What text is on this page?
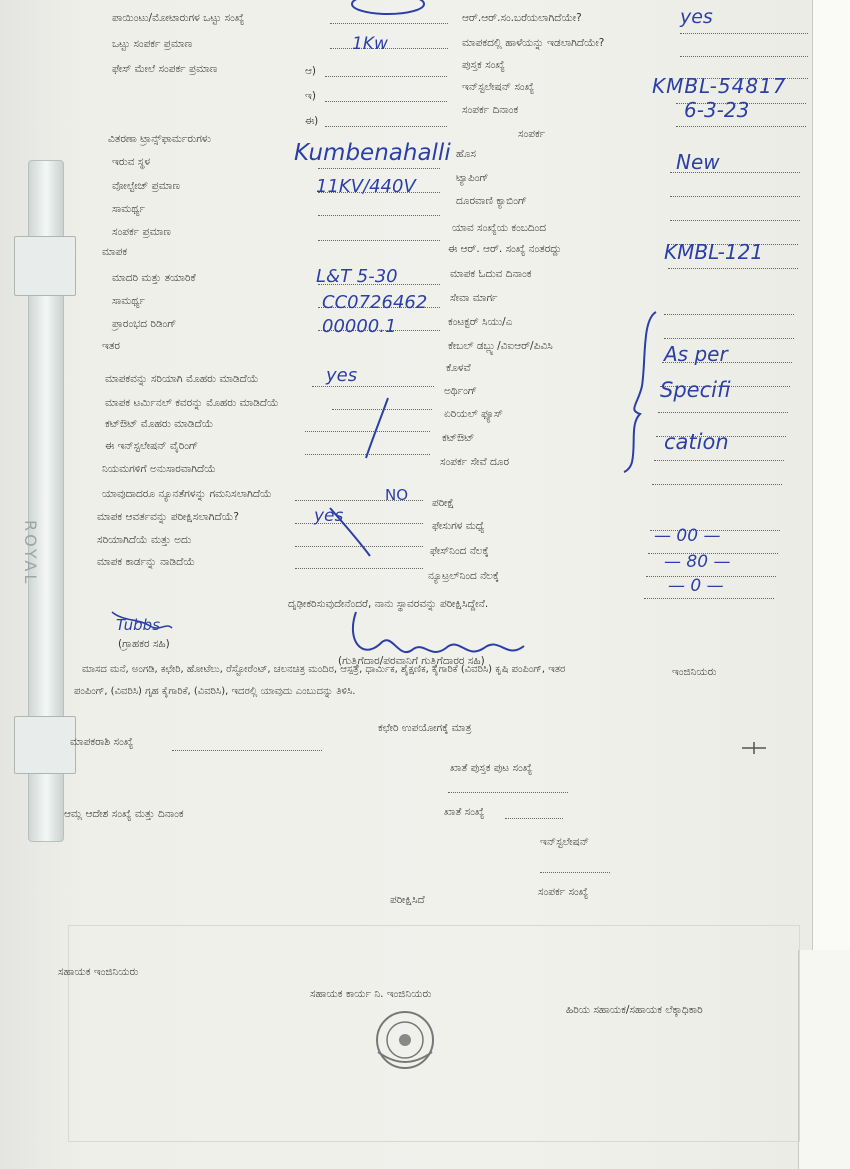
ROYAL
ಪಾಯಿಂಟು/ಮೋಟಾರುಗಳ ಒಟ್ಟು ಸಂಖ್ಯೆ
ಒಟ್ಟು ಸಂಪರ್ಕ ಪ್ರಮಾಣ
ಫೇಸ್ ಮೇಲೆ ಸಂಪರ್ಕ ಪ್ರಮಾಣ
ವಿತರಣಾ ಟ್ರಾನ್ಸ್‌ಫಾರ್ಮರುಗಳು
ಇರುವ ಸ್ಥಳ
ವೋಲ್ಟೇಜ್ ಪ್ರಮಾಣ
ಸಾಮರ್ಥ್ಯ
ಸಂಪರ್ಕ ಪ್ರಮಾಣ
ಮಾಪಕ
ಮಾದರಿ ಮತ್ತು ತಯಾರಿಕೆ
ಸಾಮರ್ಥ್ಯ
ಪ್ರಾರಂಭದ ರಿಡಿಂಗ್
ಇತರ
ಮಾಪಕವನ್ನು ಸರಿಯಾಗಿ ಮೊಹರು ಮಾಡಿದೆಯೆ
ಮಾಪಕ ಟರ್ಮಿನಲ್ ಕವರನ್ನು ಮೊಹರು ಮಾಡಿದೆಯೆ
ಕಟ್‌ಔಟ್ ಮೊಹರು ಮಾಡಿದೆಯೆ
ಈ ಇನ್‌ಸ್ಟಲೇಷನ್ ವೈರಿಂಗ್
ನಿಯಮಗಳಿಗೆ ಅನುಸಾರವಾಗಿದೆಯೆ
ಯಾವುದಾದರೂ ನ್ಯೂನತೆಗಳನ್ನು ಗಮನಿಸಲಾಗಿದೆಯೆ
ಮಾಪಕ ಆವರ್ತವನ್ನು ಪರೀಕ್ಷಿಸಲಾಗಿದೆಯೆ?
ಸರಿಯಾಗಿದೆಯೆ ಮತ್ತು ಅದು
ಮಾಪಕ ಕಾರ್ಡನ್ನು ನಾಡಿದೆಯೆ
ಆರ್.ಆರ್.ಸಂ.ಬರೆಯಲಾಗಿದೆಯೇ?
ಮಾಪಕದಲ್ಲಿ ಹಾಳೆಯನ್ನು ಇಡಲಾಗಿದೆಯೇ?
ಪುಸ್ತಕ ಸಂಖ್ಯೆ
ಇನ್‌ಸ್ಟಲೇಷನ್ ಸಂಖ್ಯೆ
ಸಂಪರ್ಕ ದಿನಾಂಕ
ಸಂಪರ್ಕ
ಹೊಸ
ಟ್ಯಾಪಿಂಗ್
ದೂರವಾಣಿ ಕ್ಯಾಬಿಂಗ್
ಯಾವ ಸಂಖ್ಯೆಯ ಕಂಬದಿಂದ
ಈ ಆರ್. ಆರ್. ಸಂಖ್ಯೆ ನಂತರದ್ದು
ಮಾಪಕ ಓದುವ ದಿನಾಂಕ
ಸೇವಾ ಮಾರ್ಗ
ಕಂಟಕ್ಟರ್ ಸಿಯು/ಎ
ಕೇಬಲ್ ಡಬ್ಲ್ಯು/ವಿಐಆರ್/ಪಿವಿಸಿ
ಕೊಳವೆ
ಅರ್ಥಿಂಗ್
ಏರಿಯಲ್ ಫ್ಯೂಸ್
ಕಟ್‌ಔಟ್
ಸಂಪರ್ಕ ಸೇವೆ ದೂರ
ಪರೀಕ್ಷೆ
ಫೇಸುಗಳ ಮಧ್ಯೆ
ಫೇಸ್‌ನಿಂದ ನೆಲಕ್ಕೆ
ನ್ಯೂಟ್ರಲ್‌ನಿಂದ ನೆಲಕ್ಕೆ
ಆ)
ಇ)
ಈ)
ದೃಢೀಕರಿಸುವುದೇನೆಂದರೆ, ನಾನು ಸ್ಥಾವರವನ್ನು ಪರೀಕ್ಷಿಸಿದ್ದೇನೆ.
(ಗ್ರಾಹಕರ ಸಹಿ)
(ಗುತ್ತಿಗೆದಾರ/ಪರವಾನಿಗೆ ಗುತ್ತಿಗೆದಾರರ ಸಹಿ)
ಇಂಜಿನಿಯರು
ಮಾಸದ ಮನೆ, ಅಂಗಡಿ, ಕಛೇರಿ, ಹೋಟೆಲು, ರೆಸ್ಟೋರೆಂಟ್, ಚಲನಚಿತ್ರ ಮಂದಿರ, ಆಸ್ಪತ್ರೆ, ಧಾರ್ಮಿಕ, ಶೈಕ್ಷಣಿಕ, ಕೈಗಾರಿಕೆ (ವಿವರಿಸಿ) ಕೃಷಿ ಪಂಪಿಂಗ್, ಇತರ
ಪಂಪಿಂಗ್, (ವಿವರಿಸಿ) ಗೃಹ ಕೈಗಾರಿಕೆ, (ವಿವರಿಸಿ), ಇದರಲ್ಲಿ ಯಾವುದು ಎಂಬುದನ್ನು ತಿಳಿಸಿ.
ಕಛೇರಿ ಉಪಯೋಗಕ್ಕೆ ಮಾತ್ರ
ಮಾಪಕರಾಶಿ ಸಂಖ್ಯೆ
ಖಾತೆ ಪುಸ್ತಕ ಪುಟ ಸಂಖ್ಯೆ
ಖಾತೆ ಸಂಖ್ಯೆ
ಆಮ್ಲ ಆದೇಶ ಸಂಖ್ಯೆ ಮತ್ತು ದಿನಾಂಕ
ಇನ್‌ಸ್ಟಲೇಷನ್
ಸಂಪರ್ಕ ಸಂಖ್ಯೆ
ಪರೀಕ್ಷಿಸಿದೆ
ಸಹಾಯಕ ಇಂಜಿನಿಯರು
ಸಹಾಯಕ ಕಾರ್ಯ ನಿ. ಇಂಜಿನಿಯರು
ಹಿರಿಯ ಸಹಾಯಕ/ಸಹಾಯಕ ಲೆಕ್ಕಾಧಿಕಾರಿ
1Kw
yes
KMBL-54817
6-3-23
Kumbenahalli
11KV/440V
New
KMBL-121
L&T 5-30
CC0726462
00000.1
yes
NO
yes
As per
Specifi
cation
— 00 —
— 80 —
— 0 —
Tubbs
